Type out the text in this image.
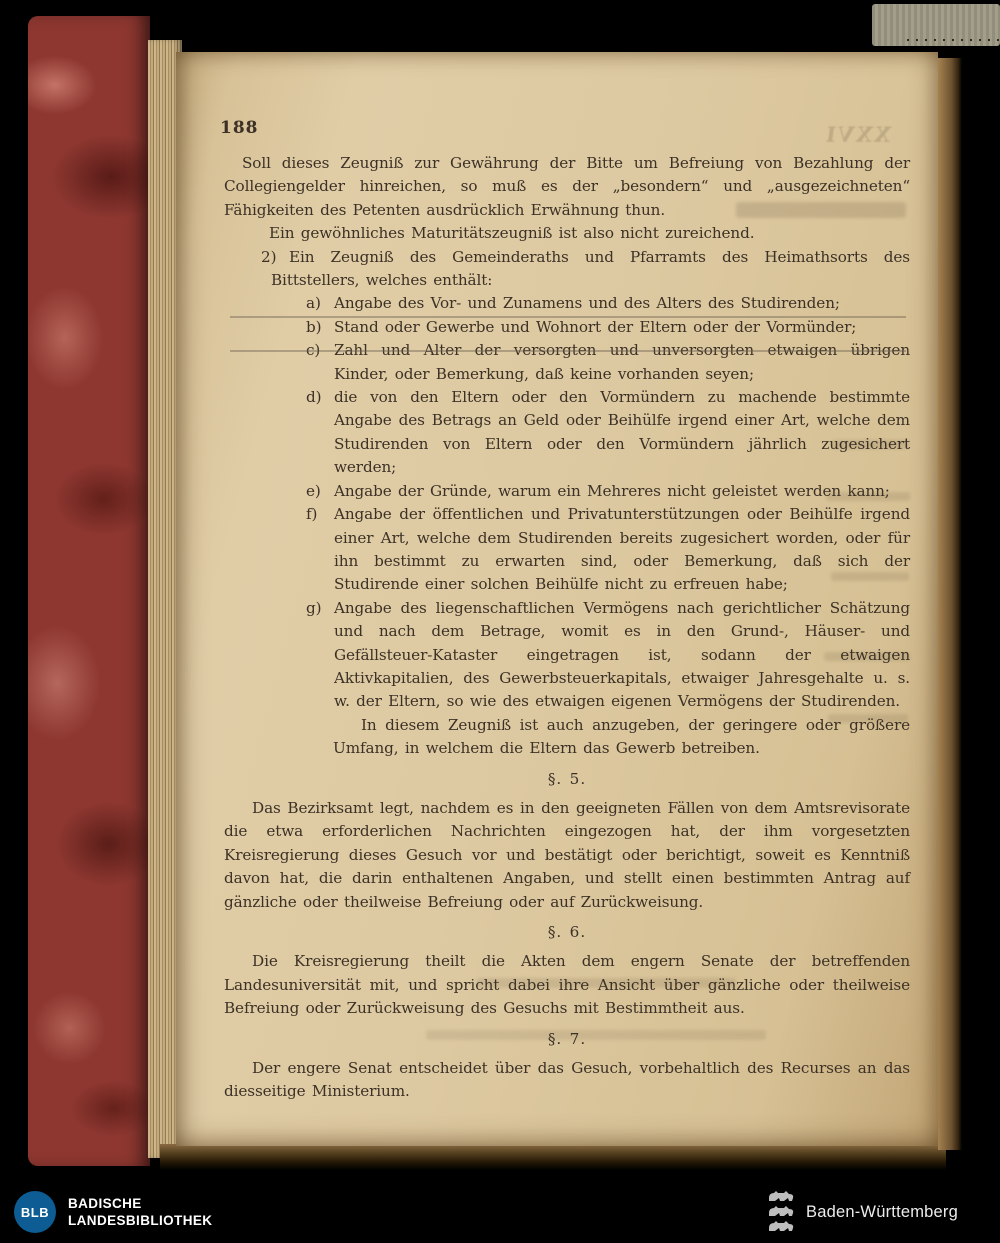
188	XXVI

Soll dieses Zeugniß zur Gewährung der Bitte um Befreiung von Bezahlung der Collegiengelder hinreichen, so muß es der „besondern“ und „ausgezeichneten“ Fähigkeiten des Petenten ausdrücklich Erwähnung thun.

Ein gewöhnliches Maturitätszeugniß ist also nicht zureichend.

2) Ein Zeugniß des Gemeinderaths und Pfarramts des Heimathsorts des Bittstellers, welches enthält:

a) Angabe des Vor- und Zunamens und des Alters des Studirenden;

b) Stand oder Gewerbe und Wohnort der Eltern oder der Vormünder;

c) Zahl und Alter der versorgten und unversorgten etwaigen übrigen Kinder, oder Bemerkung, daß keine vorhanden seyen;

d) die von den Eltern oder den Vormündern zu machende bestimmte Angabe des Betrags an Geld oder Beihülfe irgend einer Art, welche dem Studirenden von Eltern oder den Vormündern jährlich zugesichert werden;

e) Angabe der Gründe, warum ein Mehreres nicht geleistet werden kann;

f) Angabe der öffentlichen und Privatunterstützungen oder Beihülfe irgend einer Art, welche dem Studirenden bereits zugesichert worden, oder für ihn bestimmt zu erwarten sind, oder Bemerkung, daß sich der Studirende einer solchen Beihülfe nicht zu erfreuen habe;

g) Angabe des liegenschaftlichen Vermögens nach gerichtlicher Schätzung und nach dem Betrage, womit es in den Grund-, Häuser- und Gefällsteuer-Kataster eingetragen ist, sodann der etwaigen Aktivkapitalien, des Gewerbsteuerkapitals, etwaiger Jahresgehalte u. s. w. der Eltern, so wie des etwaigen eigenen Vermögens der Studirenden.

In diesem Zeugniß ist auch anzugeben, der geringere oder größere Umfang, in welchem die Eltern das Gewerb betreiben.

§. 5.

Das Bezirksamt legt, nachdem es in den geeigneten Fällen von dem Amtsrevisorate die etwa erforderlichen Nachrichten eingezogen hat, der ihm vorgesetzten Kreisregierung dieses Gesuch vor und bestätigt oder berichtigt, soweit es Kenntniß davon hat, die darin enthaltenen Angaben, und stellt einen bestimmten Antrag auf gänzliche oder theilweise Befreiung oder auf Zurückweisung.

§. 6.

Die Kreisregierung theilt die Akten dem engern Senate der betreffenden Landesuniversität mit, und spricht dabei ihre Ansicht über gänzliche oder theilweise Befreiung oder Zurückweisung des Gesuchs mit Bestimmtheit aus.

§. 7.

Der engere Senat entscheidet über das Gesuch, vorbehaltlich des Recurses an das diesseitige Ministerium.

BLB
BADISCHE
LANDESBIBLIOTHEK	Baden-Württemberg
